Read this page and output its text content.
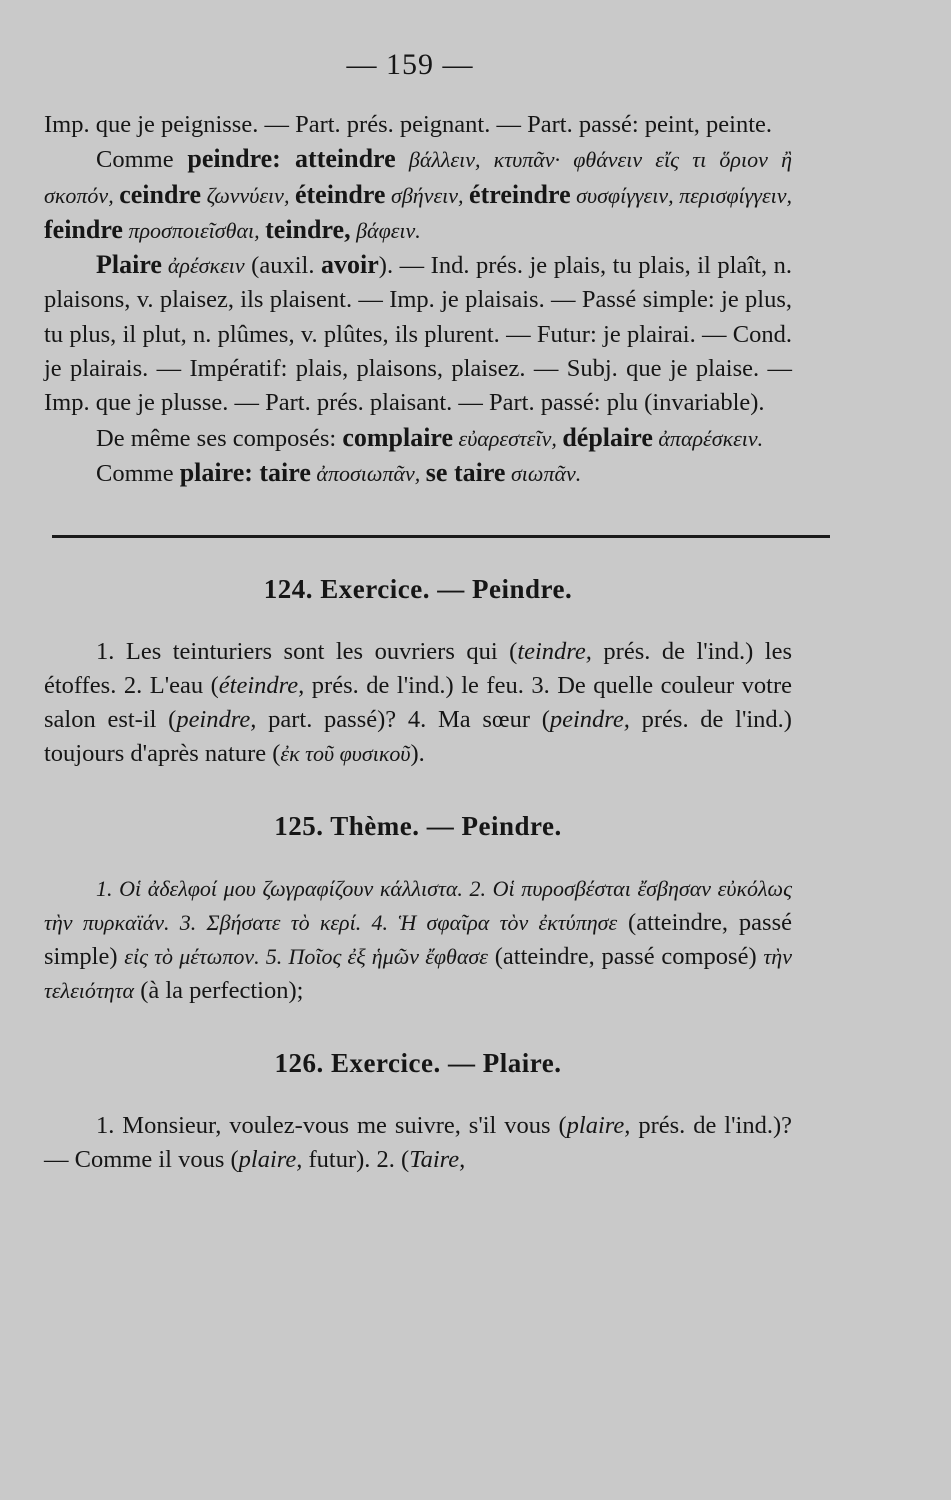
— 159 —

Imp. que je peignisse. — Part. prés. peignant. — Part. passé: peint, peinte.

Comme peindre: atteindre βάλλειν, κτυπᾶν· φθάνειν εἴς τι ὅριον ἢ σκοπόν, ceindre ζωννύειν, éteindre σβήνειν, étreindre συσφίγγειν, περισφίγγειν, feindre προσποιεῖσθαι, teindre, βάφειν.

Plaire ἀρέσκειν (auxil. avoir). — Ind. prés. je plais, tu plais, il plaît, n. plaisons, v. plaisez, ils plaisent. — Imp. je plaisais. — Passé simple: je plus, tu plus, il plut, n. plûmes, v. plûtes, ils plurent. — Futur: je plairai. — Cond. je plairais. — Impératif: plais, plaisons, plaisez. — Subj. que je plaise. — Imp. que je plusse. — Part. prés. plaisant. — Part. passé: plu (invariable).

De même ses composés: complaire εὐαρεστεῖν, déplaire ἀπαρέσκειν.

Comme plaire: taire ἀποσιωπᾶν, se taire σιωπᾶν.

124. Exercice. — Peindre.

1. Les teinturiers sont les ouvriers qui (teindre, prés. de l'ind.) les étoffes. 2. L'eau (éteindre, prés. de l'ind.) le feu. 3. De quelle couleur votre salon est-il (peindre, part. passé)? 4. Ma sœur (peindre, prés. de l'ind.) toujours d'après nature (ἐκ τοῦ φυσικοῦ).

125. Thème. — Peindre.

1. Οἱ ἀδελφοί μου ζωγραφίζουν κάλλιστα. 2. Οἱ πυροσβέσται ἔσβησαν εὐκόλως τὴν πυρκαϊάν. 3. Σβήσατε τὸ κερί. 4. Ἡ σφαῖρα τὸν ἐκτύπησε (atteindre, passé simple) εἰς τὸ μέτωπον. 5. Ποῖος ἐξ ἡμῶν ἔφθασε (atteindre, passé composé) τὴν τελειότητα (à la perfection);

126. Exercice. — Plaire.

1. Monsieur, voulez-vous me suivre, s'il vous (plaire, prés. de l'ind.)? — Comme il vous (plaire, futur). 2. (Taire,
